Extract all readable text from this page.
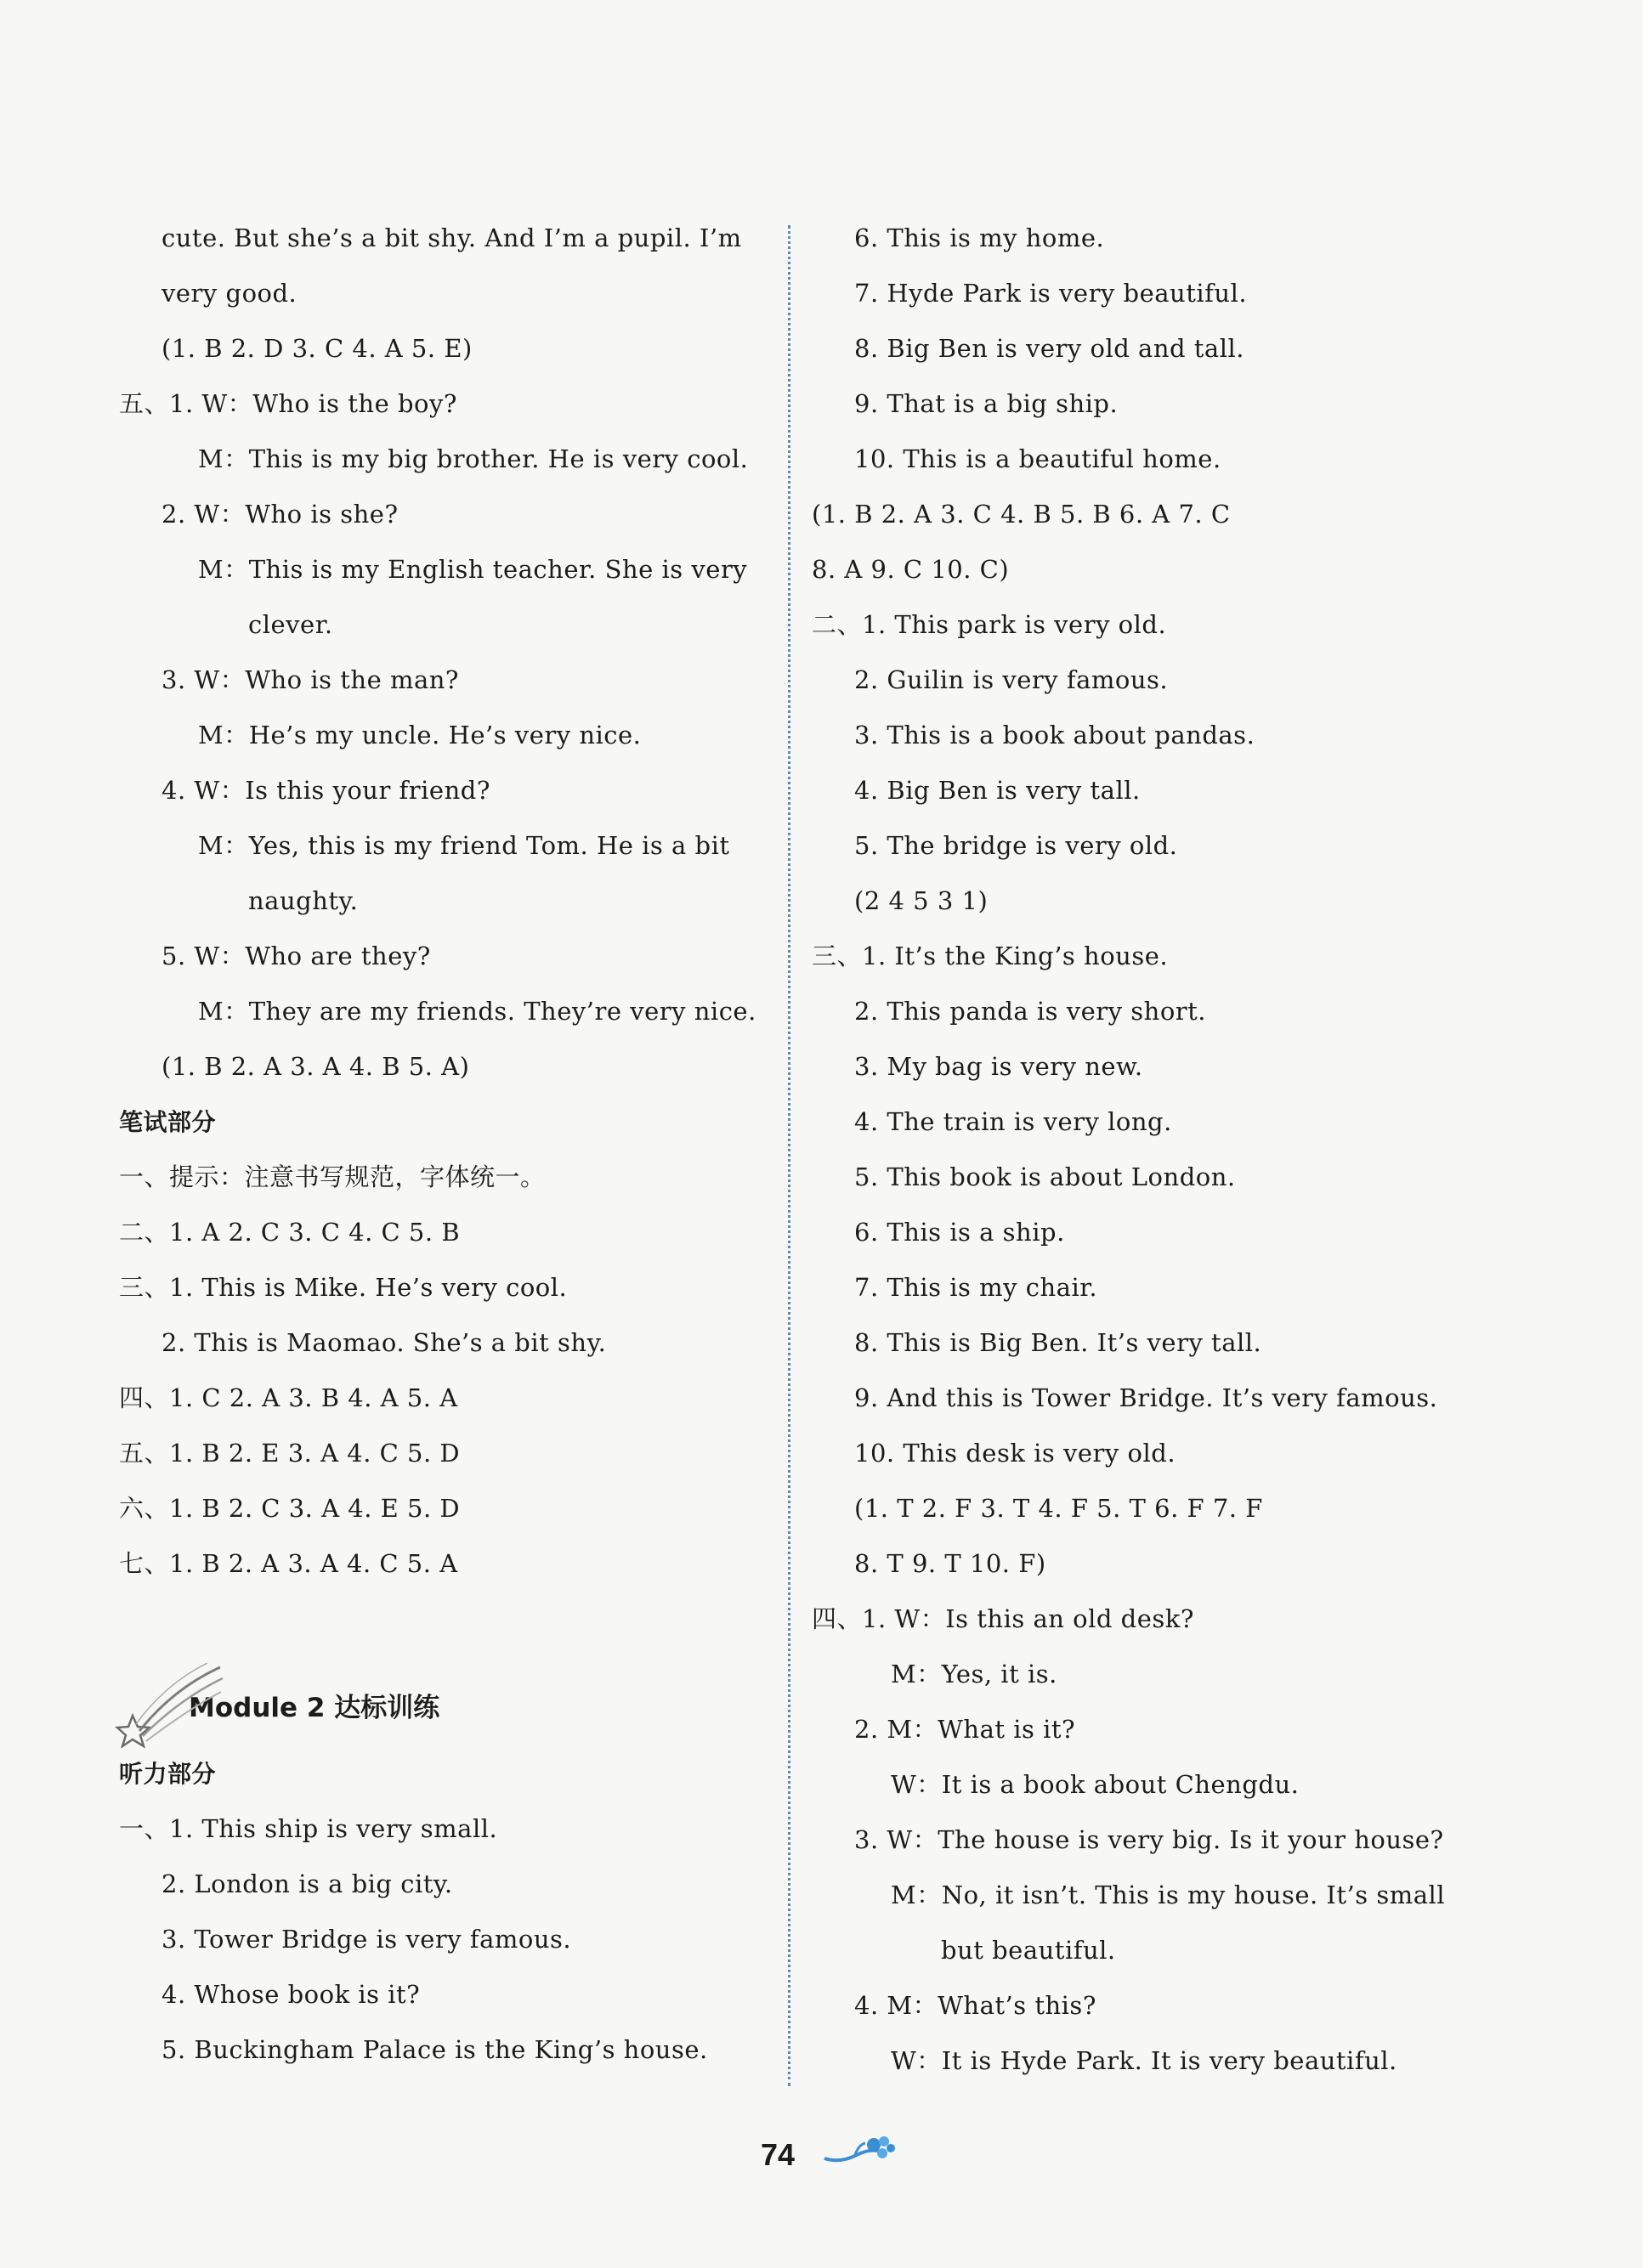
cute. But she’s a bit shy. And I’m a pupil. I’m
very good.
(1. B 2. D 3. C 4. A 5. E)
五、1. W：Who is the boy?
M：This is my big brother. He is very cool.
2. W：Who is she?
M：This is my English teacher. She is very
clever.
3. W：Who is the man?
M：He’s my uncle. He’s very nice.
4. W：Is this your friend?
M：Yes, this is my friend Tom. He is a bit
naughty.
5. W：Who are they?
M：They are my friends. They’re very nice.
(1. B 2. A 3. A 4. B 5. A)
笔试部分
一、提示：注意书写规范，字体统一。
二、1. A 2. C 3. C 4. C 5. B
三、1. This is Mike. He’s very cool.
2. This is Maomao. She’s a bit shy.
四、1. C 2. A 3. B 4. A 5. A
五、1. B 2. E 3. A 4. C 5. D
六、1. B 2. C 3. A 4. E 5. D
七、1. B 2. A 3. A 4. C 5. A
Module 2 达标训练
听力部分
一、1. This ship is very small.
2. London is a big city.
3. Tower Bridge is very famous.
4. Whose book is it?
5. Buckingham Palace is the King’s house.
6. This is my home.
7. Hyde Park is very beautiful.
8. Big Ben is very old and tall.
9. That is a big ship.
10. This is a beautiful home.
(1. B 2. A 3. C 4. B 5. B 6. A 7. C
8. A 9. C 10. C)
二、1. This park is very old.
2. Guilin is very famous.
3. This is a book about pandas.
4. Big Ben is very tall.
5. The bridge is very old.
(2 4 5 3 1)
三、1. It’s the King’s house.
2. This panda is very short.
3. My bag is very new.
4. The train is very long.
5. This book is about London.
6. This is a ship.
7. This is my chair.
8. This is Big Ben. It’s very tall.
9. And this is Tower Bridge. It’s very famous.
10. This desk is very old.
(1. T 2. F 3. T 4. F 5. T 6. F 7. F
8. T 9. T 10. F)
四、1. W：Is this an old desk?
M：Yes, it is.
2. M：What is it?
W：It is a book about Chengdu.
3. W：The house is very big. Is it your house?
M：No, it isn’t. This is my house. It’s small
but beautiful.
4. M：What’s this?
W：It is Hyde Park. It is very beautiful.
74
